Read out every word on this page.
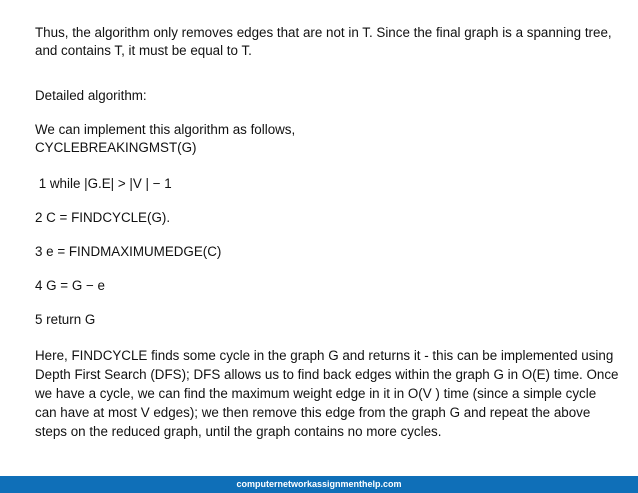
Thus, the algorithm only removes edges that are not in T. Since the final graph is a spanning tree, and contains T, it must be equal to T.

Detailed algorithm:

We can implement this algorithm as follows,

CYCLEBREAKINGMST(G)

1 while |G.E| > |V | − 1

2 C = FINDCYCLE(G).

3 e = FINDMAXIMUMEDGE(C)

4 G = G − e

5 return G

Here, FINDCYCLE finds some cycle in the graph G and returns it - this can be implemented using Depth First Search (DFS); DFS allows us to find back edges within the graph G in O(E) time. Once we have a cycle, we can find the maximum weight edge in it in O(V ) time (since a simple cycle can have at most V edges); we then remove this edge from the graph G and repeat the above steps on the reduced graph, until the graph contains no more cycles.

computernetworkassignmenthelp.com
